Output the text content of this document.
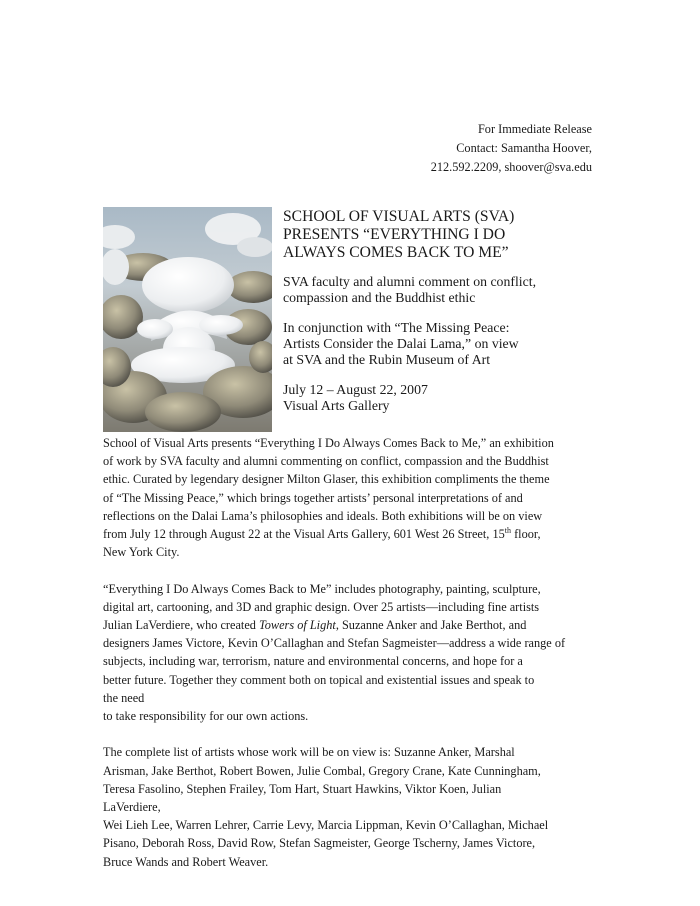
For Immediate Release
Contact: Samantha Hoover,
212.592.2209, shoover@sva.edu
SCHOOL OF VISUAL ARTS (SVA)
PRESENTS “EVERYTHING I DO
ALWAYS COMES BACK TO ME”
SVA faculty and alumni comment on conflict,
compassion and the Buddhist ethic
In conjunction with “The Missing Peace:
Artists Consider the Dalai Lama,” on view
at SVA and the Rubin Museum of Art
July 12 – August 22, 2007
Visual Arts Gallery

School of Visual Arts presents “Everything I Do Always Comes Back to Me,” an exhibition
of work by SVA faculty and alumni commenting on conflict, compassion and the Buddhist
ethic. Curated by legendary designer Milton Glaser, this exhibition compliments the theme
of “The Missing Peace,” which brings together artists’ personal interpretations of and
reflections on the Dalai Lama’s philosophies and ideals. Both exhibitions will be on view
from July 12 through August 22 at the Visual Arts Gallery, 601 West 26 Street, 15th floor,
New York City.

“Everything I Do Always Comes Back to Me” includes photography, painting, sculpture,
digital art, cartooning, and 3D and graphic design. Over 25 artists—including fine artists
Julian LaVerdiere, who created Towers of Light, Suzanne Anker and Jake Berthot, and
designers James Victore, Kevin O’Callaghan and Stefan Sagmeister—address a wide range of
subjects, including war, terrorism, nature and environmental concerns, and hope for a
better future. Together they comment both on topical and existential issues and speak to
the need
to take responsibility for our own actions.

The complete list of artists whose work will be on view is: Suzanne Anker, Marshal
Arisman, Jake Berthot, Robert Bowen, Julie Combal, Gregory Crane, Kate Cunningham,
Teresa Fasolino, Stephen Frailey, Tom Hart, Stuart Hawkins, Viktor Koen, Julian
LaVerdiere,
Wei Lieh Lee, Warren Lehrer, Carrie Levy, Marcia Lippman, Kevin O’Callaghan, Michael
Pisano, Deborah Ross, David Row, Stefan Sagmeister, George Tscherny, James Victore,
Bruce Wands and Robert Weaver.
